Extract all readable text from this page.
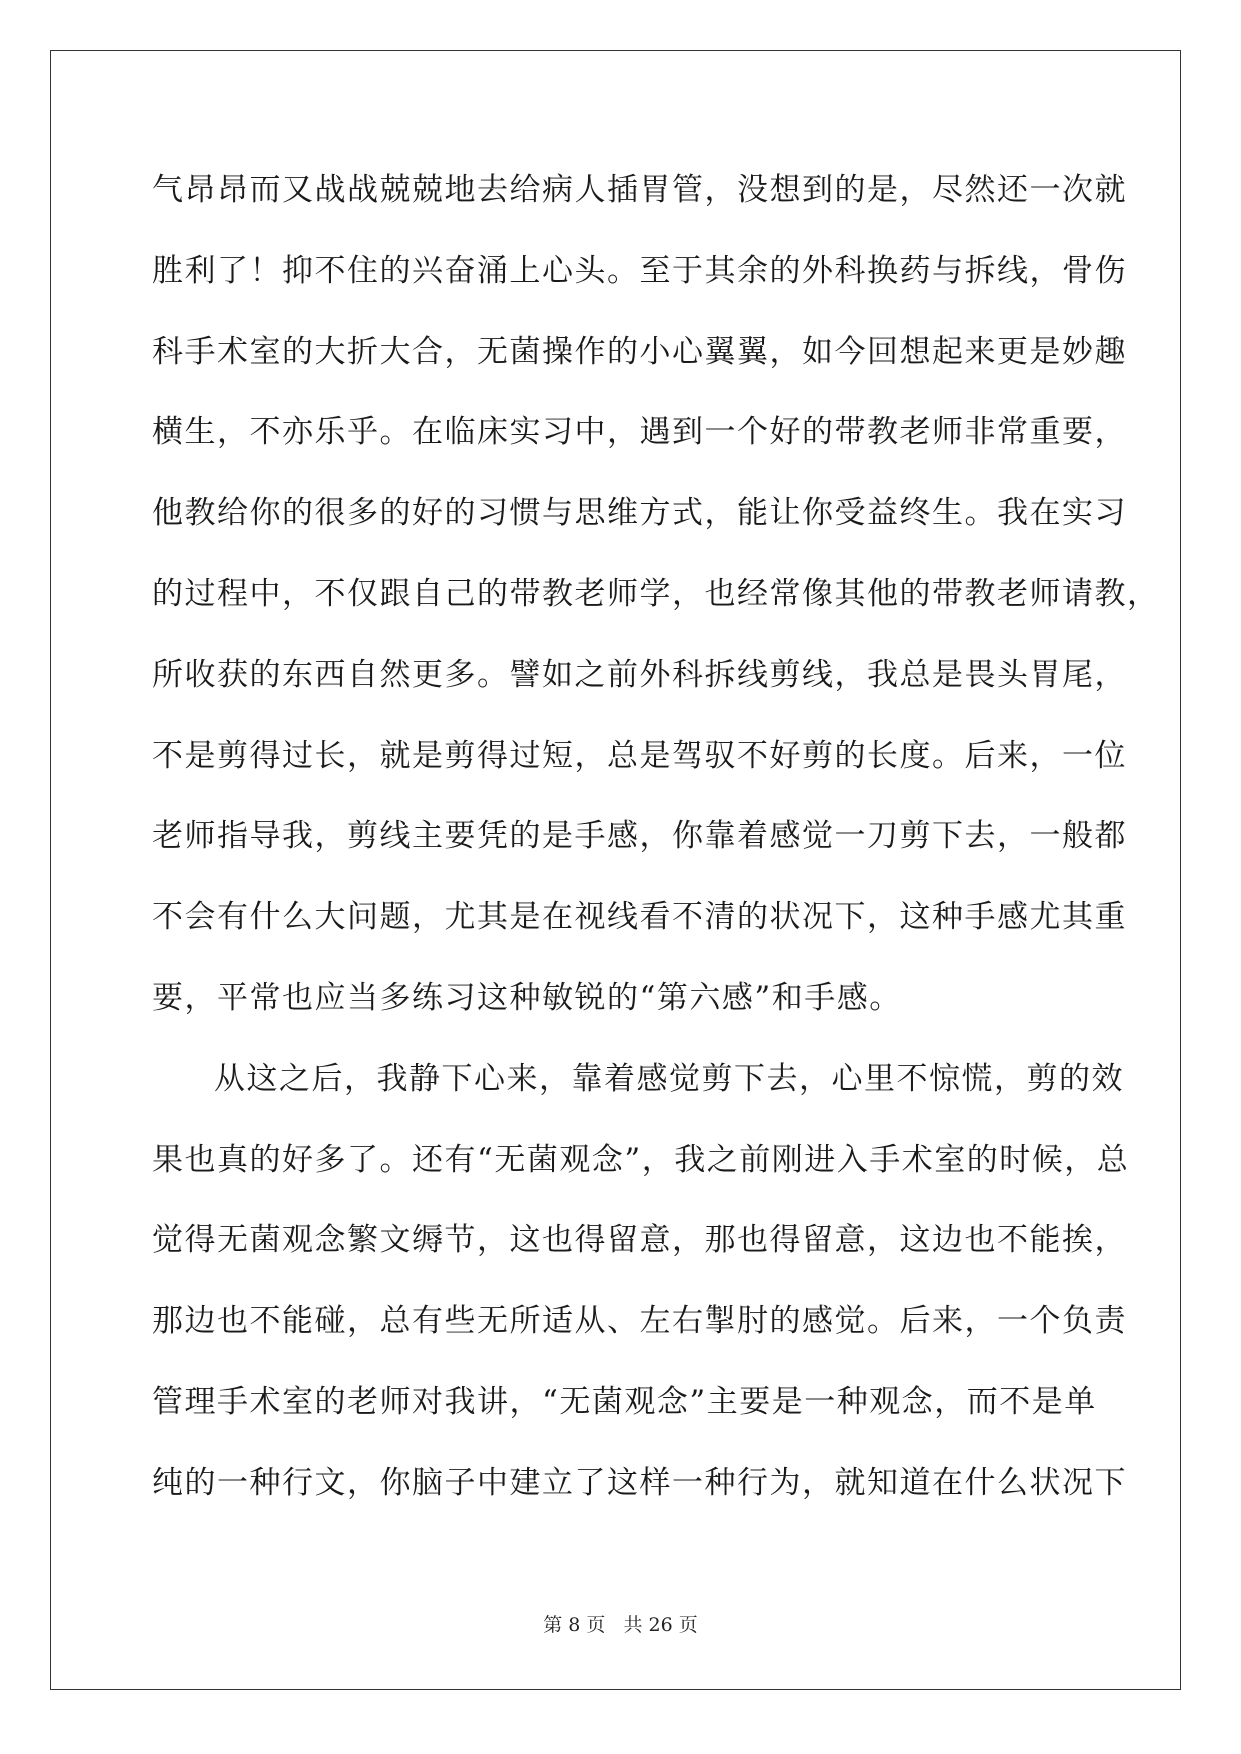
气昂昂而又战战兢兢地去给病人插胃管，没想到的是，尽然还一次就
胜利了！抑不住的兴奋涌上心头。至于其余的外科换药与拆线，骨伤
科手术室的大折大合，无菌操作的小心翼翼，如今回想起来更是妙趣
横生，不亦乐乎。在临床实习中，遇到一个好的带教老师非常重要，
他教给你的很多的好的习惯与思维方式，能让你受益终生。我在实习
的过程中，不仅跟自己的带教老师学，也经常像其他的带教老师请教，
所收获的东西自然更多。譬如之前外科拆线剪线，我总是畏头胃尾，
不是剪得过长，就是剪得过短，总是驾驭不好剪的长度。后来，一位
老师指导我，剪线主要凭的是手感，你靠着感觉一刀剪下去，一般都
不会有什么大问题，尤其是在视线看不清的状况下，这种手感尤其重
要，平常也应当多练习这种敏锐的“第六感”和手感。
从这之后，我静下心来，靠着感觉剪下去，心里不惊慌，剪的效
果也真的好多了。还有“无菌观念”，我之前刚进入手术室的时候，总
觉得无菌观念繁文缛节，这也得留意，那也得留意，这边也不能挨，
那边也不能碰，总有些无所适从、左右掣肘的感觉。后来，一个负责
管理手术室的老师对我讲，“无菌观念”主要是一种观念，而不是单
纯的一种行文，你脑子中建立了这样一种行为，就知道在什么状况下
第 8 页   共 26 页
